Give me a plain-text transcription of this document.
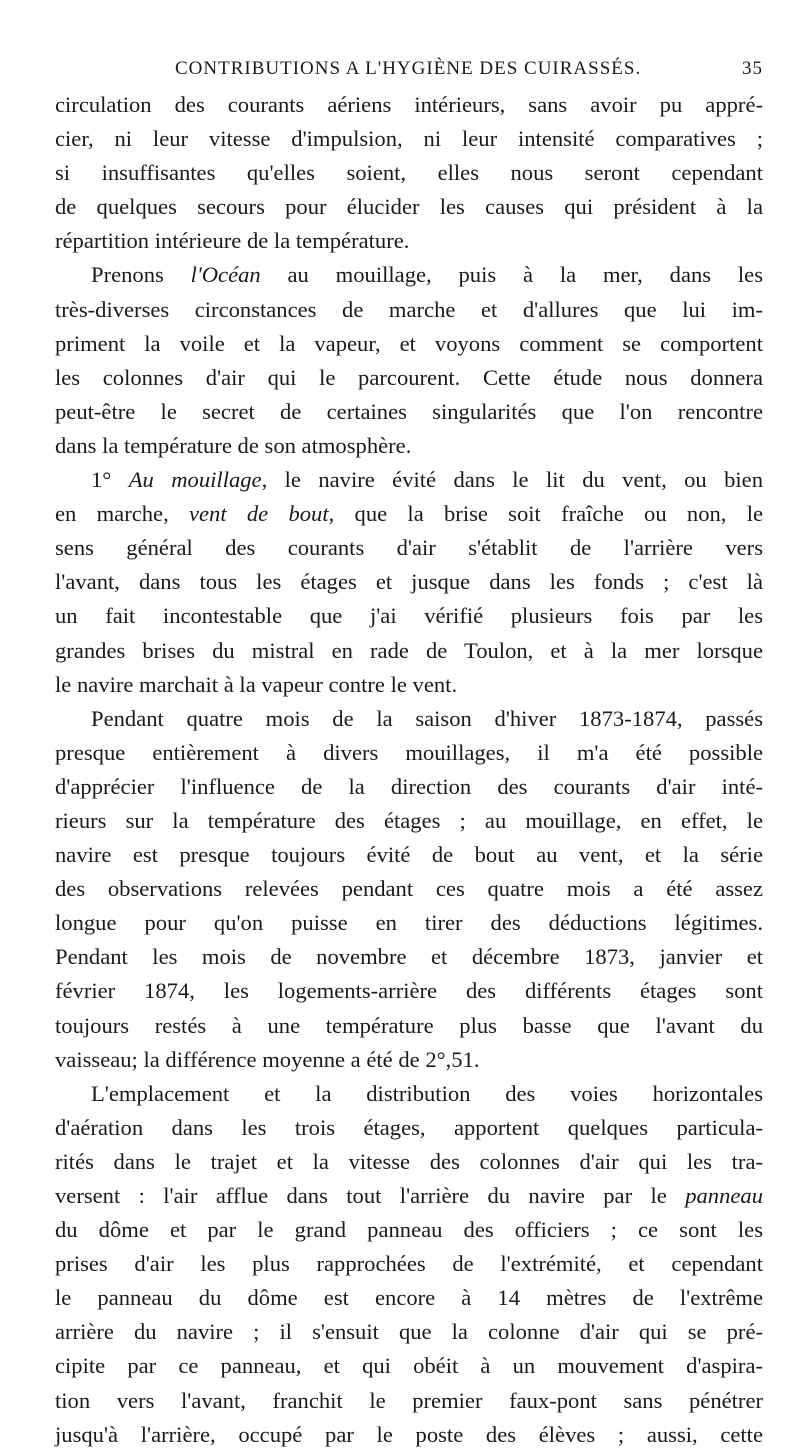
CONTRIBUTIONS A L'HYGIÈNE DES CUIRASSÉS.	35
circulation des courants aériens intérieurs, sans avoir pu appré-
cier, ni leur vitesse d'impulsion, ni leur intensité comparatives ;
si insuffisantes qu'elles soient, elles nous seront cependant
de quelques secours pour élucider les causes qui président à la
répartition intérieure de la température.
Prenons l'Océan au mouillage, puis à la mer, dans les
très-diverses circonstances de marche et d'allures que lui im-
priment la voile et la vapeur, et voyons comment se comportent
les colonnes d'air qui le parcourent. Cette étude nous donnera
peut-être le secret de certaines singularités que l'on rencontre
dans la température de son atmosphère.
1° Au mouillage, le navire évité dans le lit du vent, ou bien
en marche, vent de bout, que la brise soit fraîche ou non, le
sens général des courants d'air s'établit de l'arrière vers
l'avant, dans tous les étages et jusque dans les fonds ; c'est là
un fait incontestable que j'ai vérifié plusieurs fois par les
grandes brises du mistral en rade de Toulon, et à la mer lorsque
le navire marchait à la vapeur contre le vent.
Pendant quatre mois de la saison d'hiver 1873-1874, passés
presque entièrement à divers mouillages, il m'a été possible
d'apprécier l'influence de la direction des courants d'air inté-
rieurs sur la température des étages ; au mouillage, en effet, le
navire est presque toujours évité de bout au vent, et la série
des observations relevées pendant ces quatre mois a été assez
longue pour qu'on puisse en tirer des déductions légitimes.
Pendant les mois de novembre et décembre 1873, janvier et
février 1874, les logements-arrière des différents étages sont
toujours restés à une température plus basse que l'avant du
vaisseau; la différence moyenne a été de 2°,51.
L'emplacement et la distribution des voies horizontales
d'aération dans les trois étages, apportent quelques particula-
rités dans le trajet et la vitesse des colonnes d'air qui les tra-
versent : l'air afflue dans tout l'arrière du navire par le panneau
du dôme et par le grand panneau des officiers ; ce sont les
prises d'air les plus rapprochées de l'extrémité, et cependant
le panneau du dôme est encore à 14 mètres de l'extrême
arrière du navire ; il s'ensuit que la colonne d'air qui se pré-
cipite par ce panneau, et qui obéit à un mouvement d'aspira-
tion vers l'avant, franchit le premier faux-pont sans pénétrer
jusqu'à l'arrière, occupé par le poste des élèves ; aussi, cette
